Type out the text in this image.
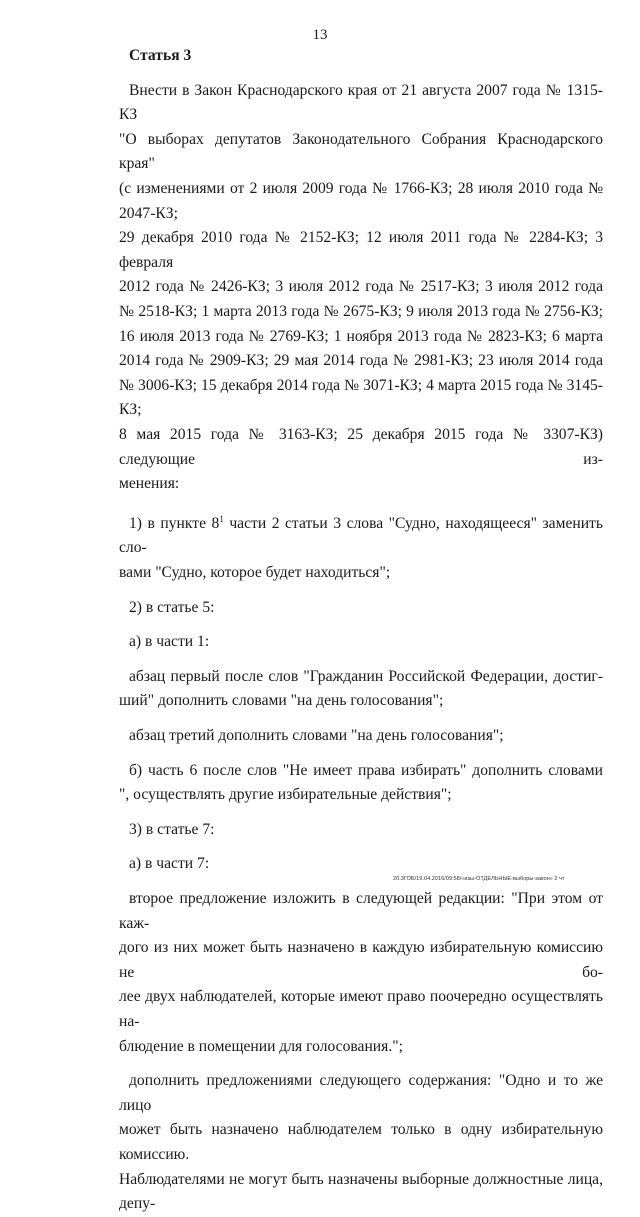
13

Статья 3

Внести в Закон Краснодарского края от 21 августа 2007 года № 1315-КЗ

"О выборах депутатов Законодательного Собрания Краснодарского края"

(с изменениями от 2 июля 2009 года № 1766-КЗ; 28 июля 2010 года № 2047-КЗ;

29 декабря 2010 года № 2152-КЗ; 12 июля 2011 года № 2284-КЗ; 3 февраля

2012 года № 2426-КЗ; 3 июля 2012 года № 2517-КЗ; 3 июля 2012 года

№ 2518-КЗ; 1 марта 2013 года № 2675-КЗ; 9 июля 2013 года № 2756-КЗ;

16 июля 2013 года № 2769-КЗ; 1 ноября 2013 года № 2823-КЗ; 6 марта

2014 года № 2909-КЗ; 29 мая 2014 года № 2981-КЗ; 23 июля 2014 года

№ 3006-КЗ; 15 декабря 2014 года № 3071-КЗ; 4 марта 2015 года № 3145-КЗ;

8 мая 2015 года № 3163-КЗ; 25 декабря 2015 года № 3307-КЗ) следующие из-

менения:

1) в пункте $8^1$ части 2 статьи 3 слова "Судно, находящееся" заменить сло-

вами "Судно, которое будет находиться";

2) в статье 5:

а) в части 1:

абзац первый после слов "Гражданин Российской Федерации, достиг-

ший" дополнить словами "на день голосования";

абзац третий дополнить словами "на день голосования";

б) часть 6 после слов "Не имеет права избирать" дополнить словами

", осуществлять другие избирательные действия";

3) в статье 7:

а) в части 7:

второе предложение изложить в следующей редакции: "При этом от каж-

дого из них может быть назначено в каждую избирательную комиссию не бо-

лее двух наблюдателей, которые имеют право поочередно осуществлять на-

блюдение в помещении для голосования.";

дополнить предложениями следующего содержания: "Одно и то же лицо

может быть назначено наблюдателем только в одну избирательную комиссию.

Наблюдателями не могут быть назначены выборные должностные лица, депу-

20.3ГОБ/19.04.2016/09:58/«изы-ОТДЕЛЬНЫЕ-выборы-закон» 2 чт
